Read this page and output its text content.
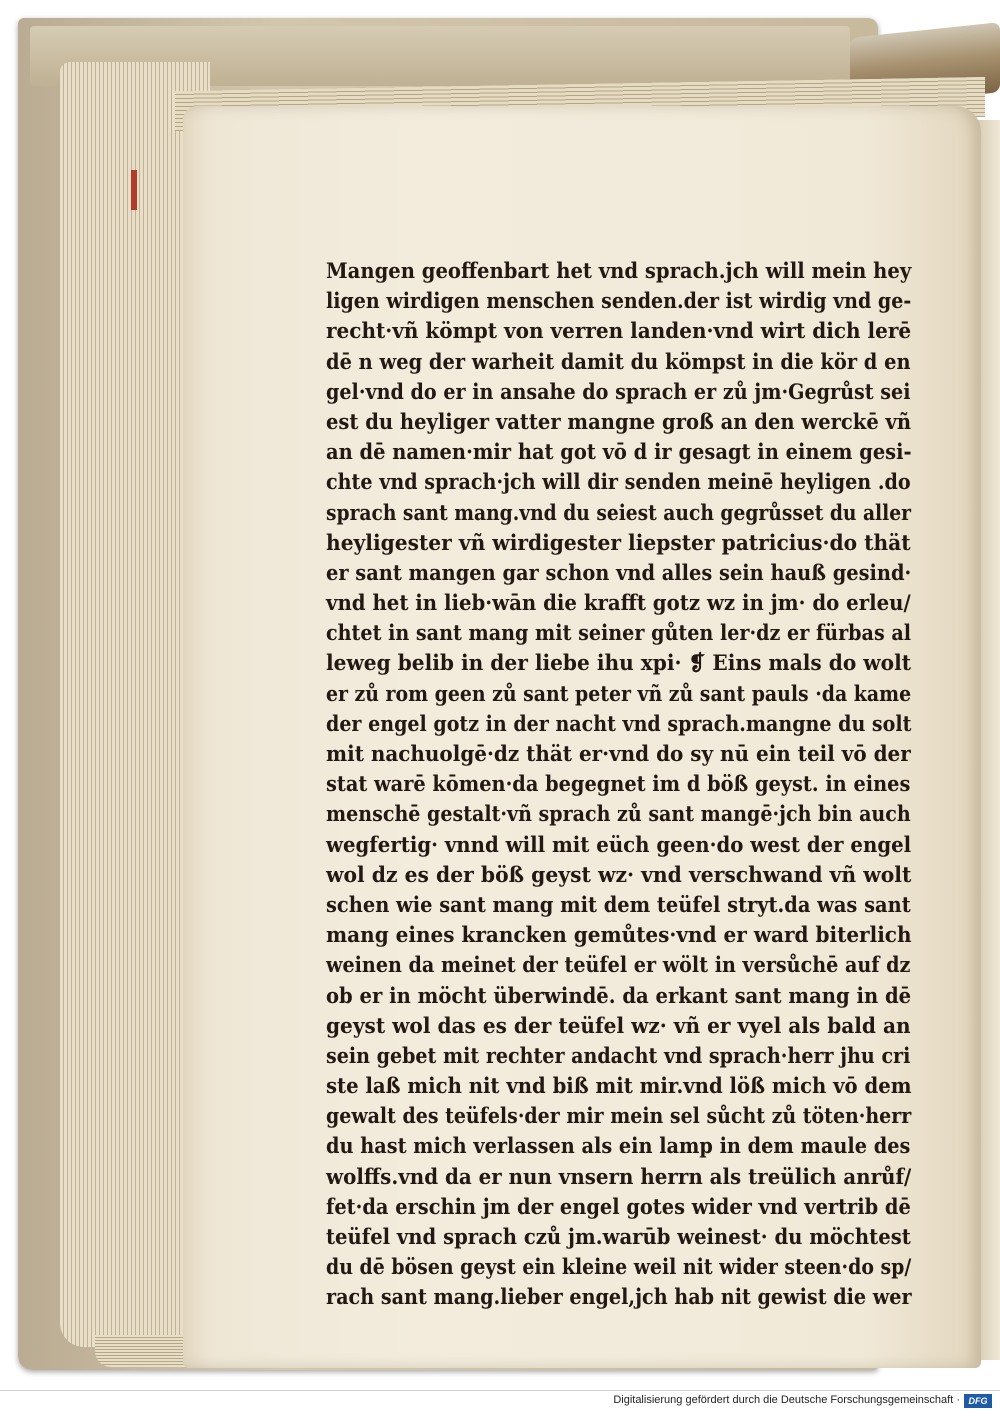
Mangen geoffenbart het vnd sprach.jch will mein hey
ligen wirdigen menschen senden.der ist wirdig vnd ge-
recht·vñ kömpt von verren landen·vnd wirt dich lerē
dē n weg der warheit damit du kömpst in die kör d en
gel·vnd do er in ansahe do sprach er zů jm·Gegrůst sei
est du heyliger vatter mangne groß an den werckē vñ
an dē namen·mir hat got vō d ir gesagt in einem gesi-
chte vnd sprach·jch will dir senden meinē heyligen .do
sprach sant mang.vnd du seiest auch gegrůsset du aller
heyligester vñ wirdigester liepster patricius·do thät
er sant mangen gar schon vnd alles sein hauß gesind·
vnd het in lieb·wān die krafft gotz wz in jm· do erleu/
chtet in sant mang mit seiner gůten ler·dz er fürbas al
leweg belib in der liebe ihu xpi· ❡ Eins mals do wolt
er zů rom geen zů sant peter vñ zů sant pauls ·da kame
der engel gotz in der nacht vnd sprach.mangne du solt
mit nachuolgē·dz thät er·vnd do sy nū ein teil vō der
stat warē kōmen·da begegnet im d böß geyst. in eines
menschē gestalt·vñ sprach zů sant mangē·jch bin auch
wegfertig· vnnd will mit eüch geen·do west der engel
wol dz es der böß geyst wz· vnd verschwand vñ wolt
schen wie sant mang mit dem teüfel stryt.da was sant
mang eines krancken gemůtes·vnd er ward biterlich
weinen da meinet der teüfel er wölt in versůchē auf dz
ob er in möcht überwindē. da erkant sant mang in dē
geyst wol das es der teüfel wz· vñ er vyel als bald an
sein gebet mit rechter andacht vnd sprach·herr jhu cri
ste laß mich nit vnd biß mit mir.vnd löß mich vō dem
gewalt des teüfels·der mir mein sel sůcht zů töten·herr
du hast mich verlassen als ein lamp in dem maule des
wolffs.vnd da er nun vnsern herrn als treülich anrůf/
fet·da erschin jm der engel gotes wider vnd vertrib dē
teüfel vnd sprach czů jm.warūb weinest· du möchtest
du dē bösen geyst ein kleine weil nit wider steen·do sp/
rach sant mang.lieber engel,jch hab nit gewist die wer
Digitalisierung gefördert durch die Deutsche Forschungsgemeinschaft · DFG
